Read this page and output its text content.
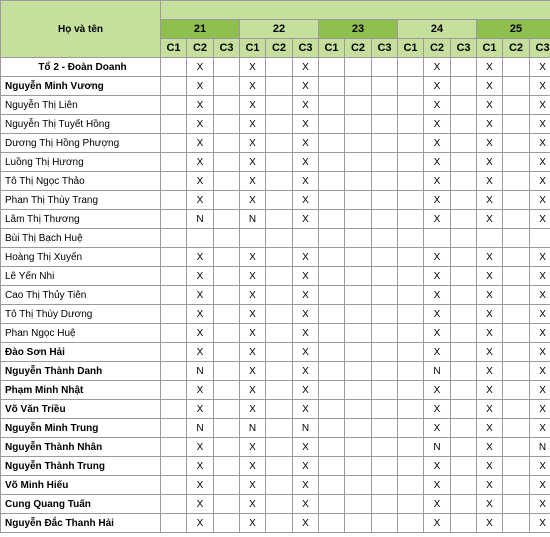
Họ và tên															
	21			22			23			24			25		
	C1	C2	C3	C1	C2	C3	C1	C2	C3	C1	C2	C3	C1	C2	C3
Tổ 2 - Đoàn Doanh		X		X		X					X		X		X
Nguyễn Minh Vương		X		X		X					X		X		X
Nguyễn Thị Liên		X		X		X					X		X		X
Nguyễn Thị Tuyết Hồng		X		X		X					X		X		X
Dương Thị Hồng Phượng		X		X		X					X		X		X
Luồng Thị Hương		X		X		X					X		X		X
Tô Thị Ngọc Thảo		X		X		X					X		X		X
Phan Thị Thùy Trang		X		X		X					X		X		X
Lâm Thị Thương		N		N		X					X		X		X
Bùi Thị Bạch Huệ															
Hoàng Thị Xuyến		X		X		X					X		X		X
Lê Yến Nhi		X		X		X					X		X		X
Cao Thị Thủy Tiên		X		X		X					X		X		X
Tô Thị Thùy Dương		X		X		X					X		X		X
Phan Ngọc Huệ		X		X		X					X		X		X
Đào Sơn Hải		X		X		X					X		X		X
Nguyễn Thành Danh		N		X		X					N		X		X
Phạm Minh Nhật		X		X		X					X		X		X
Võ Văn Triều		X		X		X					X		X		X
Nguyễn Minh Trung		N		N		N					X		X		X
Nguyễn Thành Nhân		X		X		X					N		X		N
Nguyễn Thành Trung		X		X		X					X		X		X
Võ Minh Hiếu		X		X		X					X		X		X
Cung Quang Tuấn		X		X		X					X		X		X
Nguyễn Đắc Thanh Hải		X		X		X					X		X		X
